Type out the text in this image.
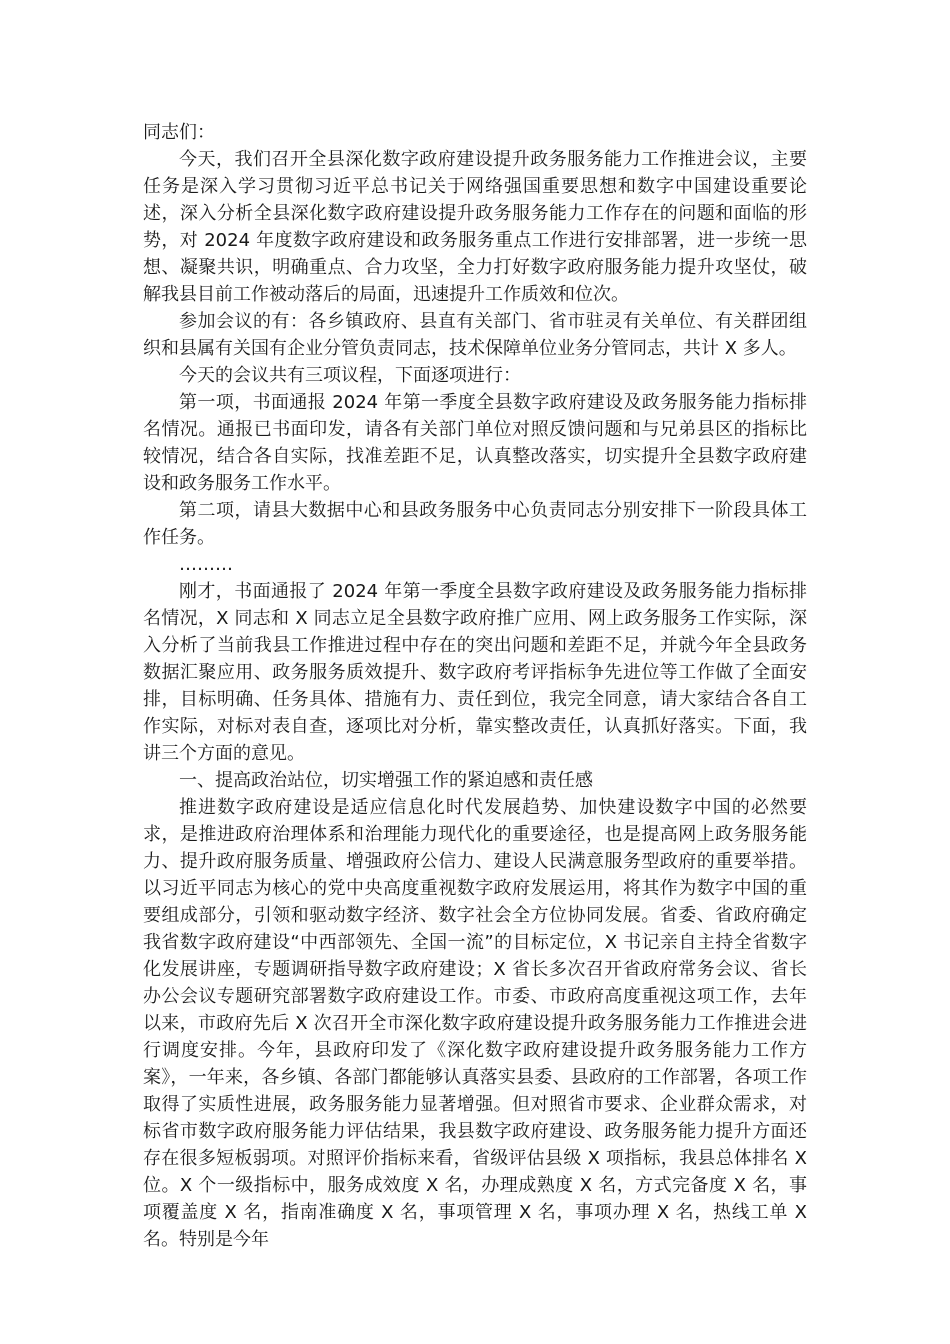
同志们：

今天，我们召开全县深化数字政府建设提升政务服务能力工作推进会议，主要任务是深入学习贯彻习近平总书记关于网络强国重要思想和数字中国建设重要论述，深入分析全县深化数字政府建设提升政务服务能力工作存在的问题和面临的形势，对 2024 年度数字政府建设和政务服务重点工作进行安排部署，进一步统一思想、凝聚共识，明确重点、合力攻坚，全力打好数字政府服务能力提升攻坚仗，破解我县目前工作被动落后的局面，迅速提升工作质效和位次。

参加会议的有：各乡镇政府、县直有关部门、省市驻灵有关单位、有关群团组织和县属有关国有企业分管负责同志，技术保障单位业务分管同志，共计 X 多人。

今天的会议共有三项议程，下面逐项进行：

第一项，书面通报 2024 年第一季度全县数字政府建设及政务服务能力指标排名情况。通报已书面印发，请各有关部门单位对照反馈问题和与兄弟县区的指标比较情况，结合各自实际，找准差距不足，认真整改落实，切实提升全县数字政府建设和政务服务工作水平。

第二项，请县大数据中心和县政务服务中心负责同志分别安排下一阶段具体工作任务。

………

刚才，书面通报了 2024 年第一季度全县数字政府建设及政务服务能力指标排名情况，X 同志和 X 同志立足全县数字政府推广应用、网上政务服务工作实际，深入分析了当前我县工作推进过程中存在的突出问题和差距不足，并就今年全县政务数据汇聚应用、政务服务质效提升、数字政府考评指标争先进位等工作做了全面安排，目标明确、任务具体、措施有力、责任到位，我完全同意，请大家结合各自工作实际，对标对表自查，逐项比对分析，靠实整改责任，认真抓好落实。下面，我讲三个方面的意见。

一、提高政治站位，切实增强工作的紧迫感和责任感

推进数字政府建设是适应信息化时代发展趋势、加快建设数字中国的必然要求，是推进政府治理体系和治理能力现代化的重要途径，也是提高网上政务服务能力、提升政府服务质量、增强政府公信力、建设人民满意服务型政府的重要举措。以习近平同志为核心的党中央高度重视数字政府发展运用，将其作为数字中国的重要组成部分，引领和驱动数字经济、数字社会全方位协同发展。省委、省政府确定我省数字政府建设“中西部领先、全国一流”的目标定位，X 书记亲自主持全省数字化发展讲座，专题调研指导数字政府建设；X 省长多次召开省政府常务会议、省长办公会议专题研究部署数字政府建设工作。市委、市政府高度重视这项工作，去年以来，市政府先后 X 次召开全市深化数字政府建设提升政务服务能力工作推进会进行调度安排。今年，县政府印发了《深化数字政府建设提升政务服务能力工作方案》，一年来，各乡镇、各部门都能够认真落实县委、县政府的工作部署，各项工作取得了实质性进展，政务服务能力显著增强。但对照省市要求、企业群众需求，对标省市数字政府服务能力评估结果，我县数字政府建设、政务服务能力提升方面还存在很多短板弱项。对照评价指标来看，省级评估县级 X 项指标，我县总体排名 X 位。X 个一级指标中，服务成效度 X 名，办理成熟度 X 名，方式完备度 X 名，事项覆盖度 X 名，指南准确度 X 名，事项管理 X 名，事项办理 X 名，热线工单 X 名。特别是今年
